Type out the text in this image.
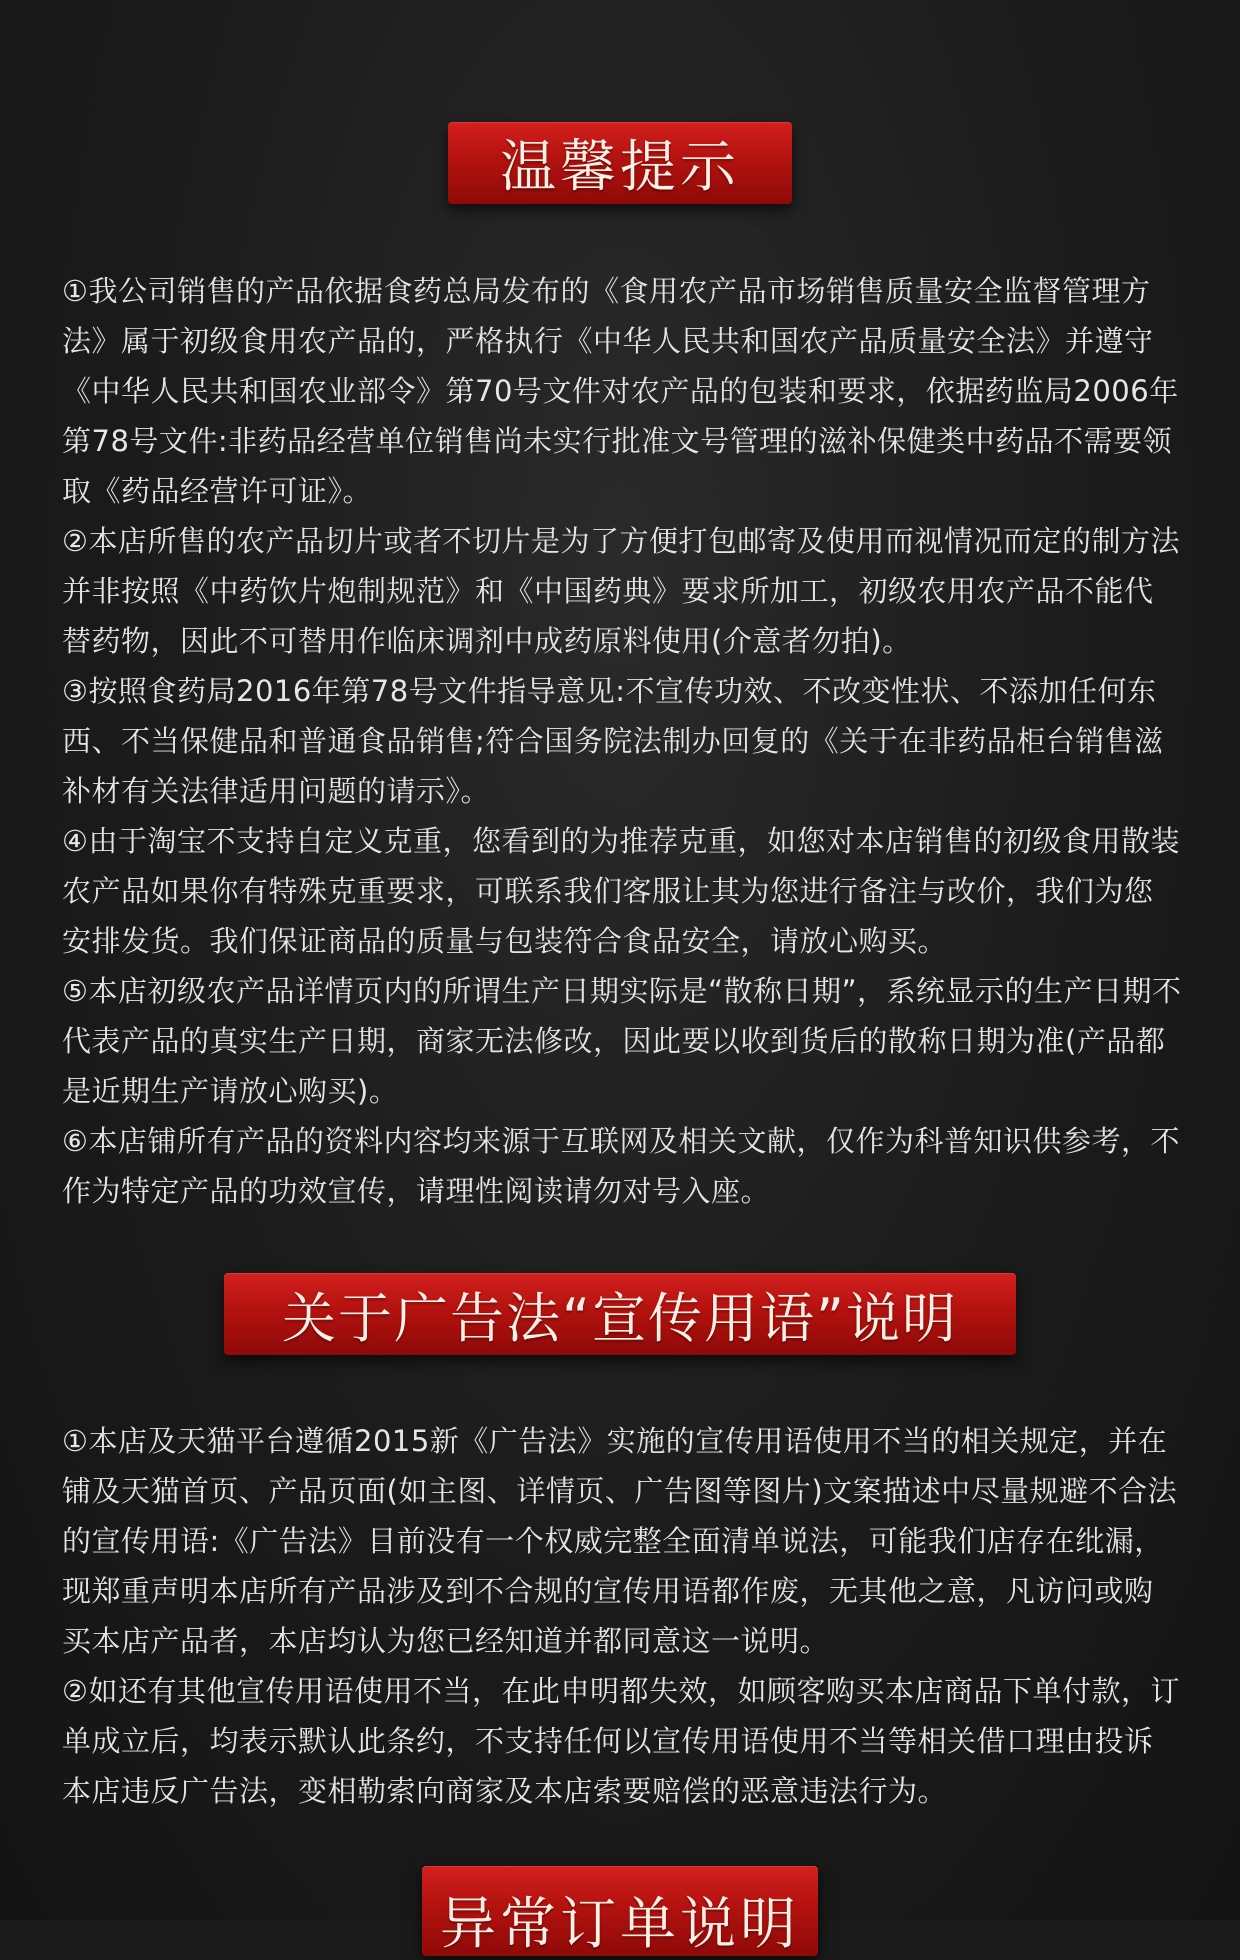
温馨提示

①我公司销售的产品依据食药总局发布的《食用农产品市场销售质量安全监督管理方法》属于初级食用农产品的，严格执行《中华人民共和国农产品质量安全法》并遵守《中华人民共和国农业部令》第70号文件对农产品的包装和要求，依据药监局2006年第78号文件:非药品经营单位销售尚未实行批准文号管理的滋补保健类中药品不需要领取《药品经营许可证》。

②本店所售的农产品切片或者不切片是为了方便打包邮寄及使用而视情况而定的制方法并非按照《中药饮片炮制规范》和《中国药典》要求所加工，初级农用农产品不能代替药物，因此不可替用作临床调剂中成药原料使用(介意者勿拍)。

③按照食药局2016年第78号文件指导意见:不宣传功效、不改变性状、不添加任何东西、不当保健品和普通食品销售;符合国务院法制办回复的《关于在非药品柜台销售滋补材有关法律适用问题的请示》。

④由于淘宝不支持自定义克重，您看到的为推荐克重，如您对本店销售的初级食用散装农产品如果你有特殊克重要求，可联系我们客服让其为您进行备注与改价，我们为您安排发货。我们保证商品的质量与包装符合食品安全，请放心购买。

⑤本店初级农产品详情页内的所谓生产日期实际是“散称日期”，系统显示的生产日期不代表产品的真实生产日期，商家无法修改，因此要以收到货后的散称日期为准(产品都是近期生产请放心购买)。

⑥本店铺所有产品的资料内容均来源于互联网及相关文献，仅作为科普知识供参考，不作为特定产品的功效宣传，请理性阅读请勿对号入座。

关于广告法“宣传用语”说明

①本店及天猫平台遵循2015新《广告法》实施的宣传用语使用不当的相关规定，并在铺及天猫首页、产品页面(如主图、详情页、广告图等图片)文案描述中尽量规避不合法的宣传用语:《广告法》目前没有一个权威完整全面清单说法，可能我们店存在纰漏，现郑重声明本店所有产品涉及到不合规的宣传用语都作废，无其他之意，凡访问或购买本店产品者，本店均认为您已经知道并都同意这一说明。

②如还有其他宣传用语使用不当，在此申明都失效，如顾客购买本店商品下单付款，订单成立后，均表示默认此条约，不支持任何以宣传用语使用不当等相关借口理由投诉本店违反广告法，变相勒索向商家及本店索要赔偿的恶意违法行为。

异常订单说明
